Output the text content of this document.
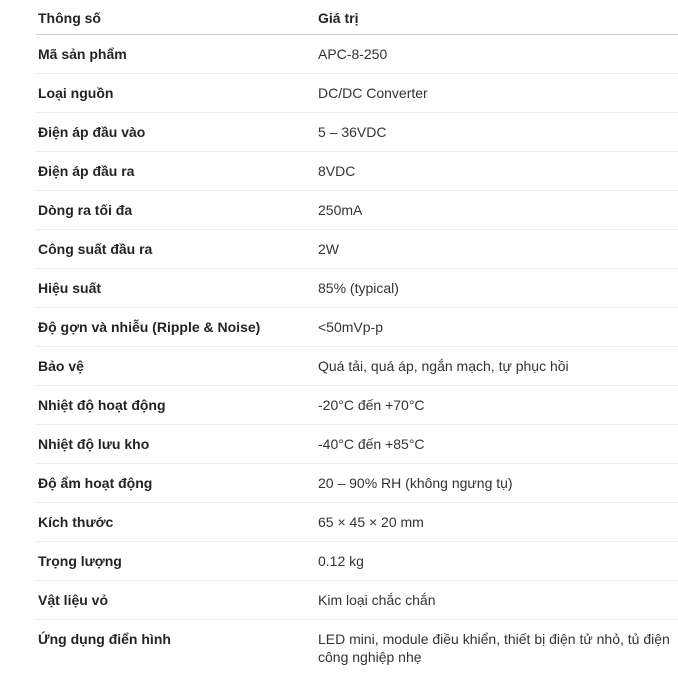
Thông số	Giá trị
Mã sản phẩm	APC-8-250
Loại nguồn	DC/DC Converter
Điện áp đầu vào	5 – 36VDC
Điện áp đầu ra	8VDC
Dòng ra tối đa	250mA
Công suất đầu ra	2W
Hiệu suất	85% (typical)
Độ gợn và nhiễu (Ripple & Noise)	<50mVp-p
Bảo vệ	Quá tải, quá áp, ngắn mạch, tự phục hồi
Nhiệt độ hoạt động	-20°C đến +70°C
Nhiệt độ lưu kho	-40°C đến +85°C
Độ ẩm hoạt động	20 – 90% RH (không ngưng tụ)
Kích thước	65 × 45 × 20 mm
Trọng lượng	0.12 kg
Vật liệu vỏ	Kim loại chắc chắn
Ứng dụng điển hình	LED mini, module điều khiển, thiết bị điện tử nhỏ, tủ điện công nghiệp nhẹ
